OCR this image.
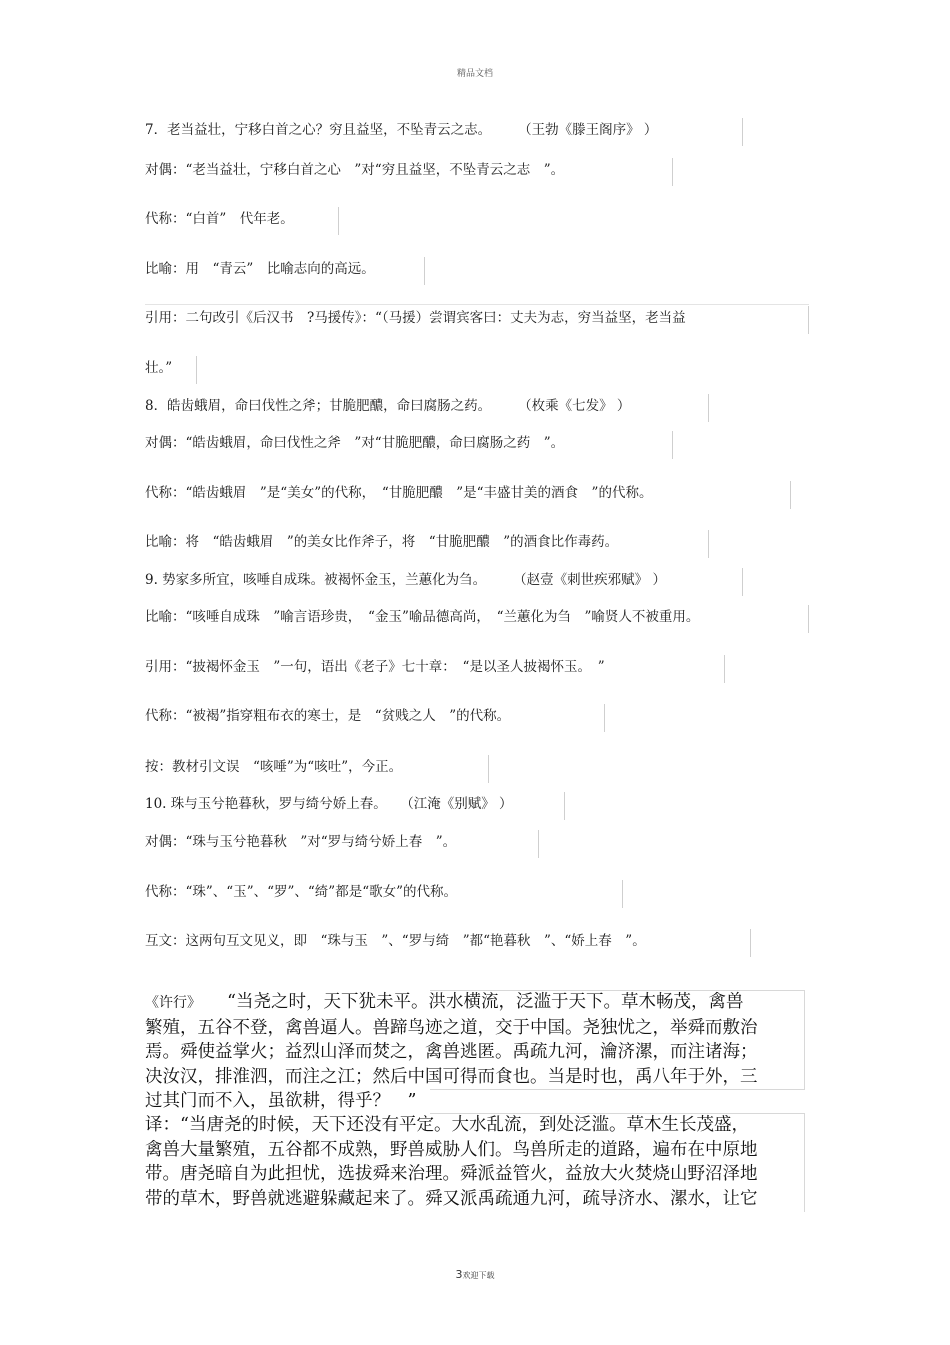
精品文档
7．老当益壮，宁移白首之心？穷且益坚，不坠青云之志。　　　（王勃《滕王阁序》 ）
对偶：“老当益壮，宁移白首之心　”对“穷且益坚，不坠青云之志　”。
代称：“白首”　代年老。
比喻：用　“青云”　比喻志向的高远。
引用：二句改引《后汉书　?马援传》：“（马援）尝谓宾客曰：丈夫为志，穷当益坚，老当益
壮。”
8．皓齿蛾眉，命曰伐性之斧；甘脆肥醲，命曰腐肠之药。　　　（枚乘《七发》 ）
对偶：“皓齿蛾眉，命曰伐性之斧　”对“甘脆肥醲，命曰腐肠之药　”。
代称：“皓齿蛾眉　”是“美女”的代称，　“甘脆肥醲　”是“丰盛甘美的酒食　”的代称。
比喻：将　“皓齿蛾眉　”的美女比作斧子，将　“甘脆肥醲　”的酒食比作毒药。
9. 势家多所宜，咳唾自成珠。被褐怀金玉，兰蕙化为刍。　　　（赵壹《刺世疾邪赋》 ）
比喻：“咳唾自成珠　”喻言语珍贵，　“金玉”喻品德高尚，　“兰蕙化为刍　”喻贤人不被重用。
引用：“披褐怀金玉　”一句，语出《老子》七十章：　“是以圣人披褐怀玉。　”
代称：“被褐”指穿粗布衣的寒士，是　“贫贱之人　”的代称。
按：教材引文误　“咳唾”为“咳吐”，今正。
10. 珠与玉兮艳暮秋，罗与绮兮娇上春。　　（江淹《别赋》 ）
对偶：“珠与玉兮艳暮秋　”对“罗与绮兮娇上春　”。
代称：“珠”、“玉”、“罗”、“绮”都是“歌女”的代称。
互文：这两句互文见义，即　“珠与玉　”、“罗与绮　”都“艳暮秋　”、“娇上春　”。

《许行》 “当尧之时，天下犹未平。洪水横流，泛滥于天下。草木畅茂，禽兽

繁殖，五谷不登，禽兽逼人。兽蹄鸟迹之道，交于中国。尧独忧之，举舜而敷治

焉。舜使益掌火；益烈山泽而焚之，禽兽逃匿。禹疏九河，瀹济漯，而注诸海；

决汝汉，排淮泗，而注之江；然后中国可得而食也。当是时也，禹八年于外，三

过其门而不入，虽欲耕，得乎？　”

译：“当唐尧的时候，天下还没有平定。大水乱流，到处泛滥。草木生长茂盛，

禽兽大量繁殖，五谷都不成熟，野兽威胁人们。鸟兽所走的道路，遍布在中原地

带。唐尧暗自为此担忧，选拔舜来治理。舜派益管火，益放大火焚烧山野沼泽地

带的草木，野兽就逃避躲藏起来了。舜又派禹疏通九河，疏导济水、漯水，让它

3欢迎下载
